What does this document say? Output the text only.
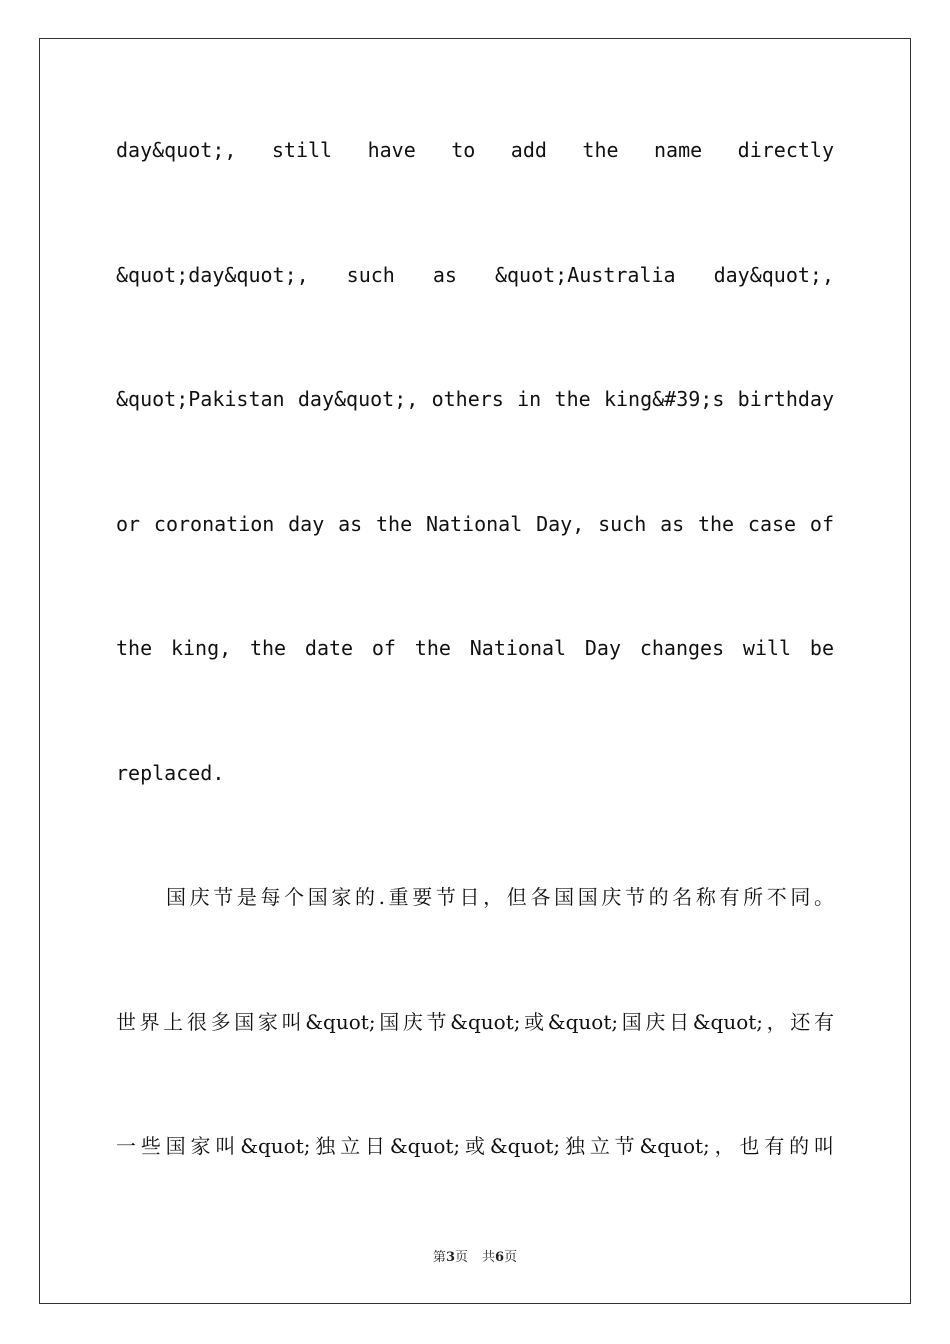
day&quot;, still have to add the name directly
&quot;day&quot;, such as &quot;Australia day&quot;,
&quot;Pakistan day&quot;, others in the king&#39;s birthday
or coronation day as the National Day, such as the case of
the king, the date of the National Day changes will be
replaced.
国庆节是每个国家的.重要节日，但各国国庆节的名称有所不同。
世界上很多国家叫&quot;国庆节&quot;或&quot;国庆日&quot;，还有
一些国家叫&quot;独立日&quot;或&quot;独立节&quot;，也有的叫
第3页 共6页
